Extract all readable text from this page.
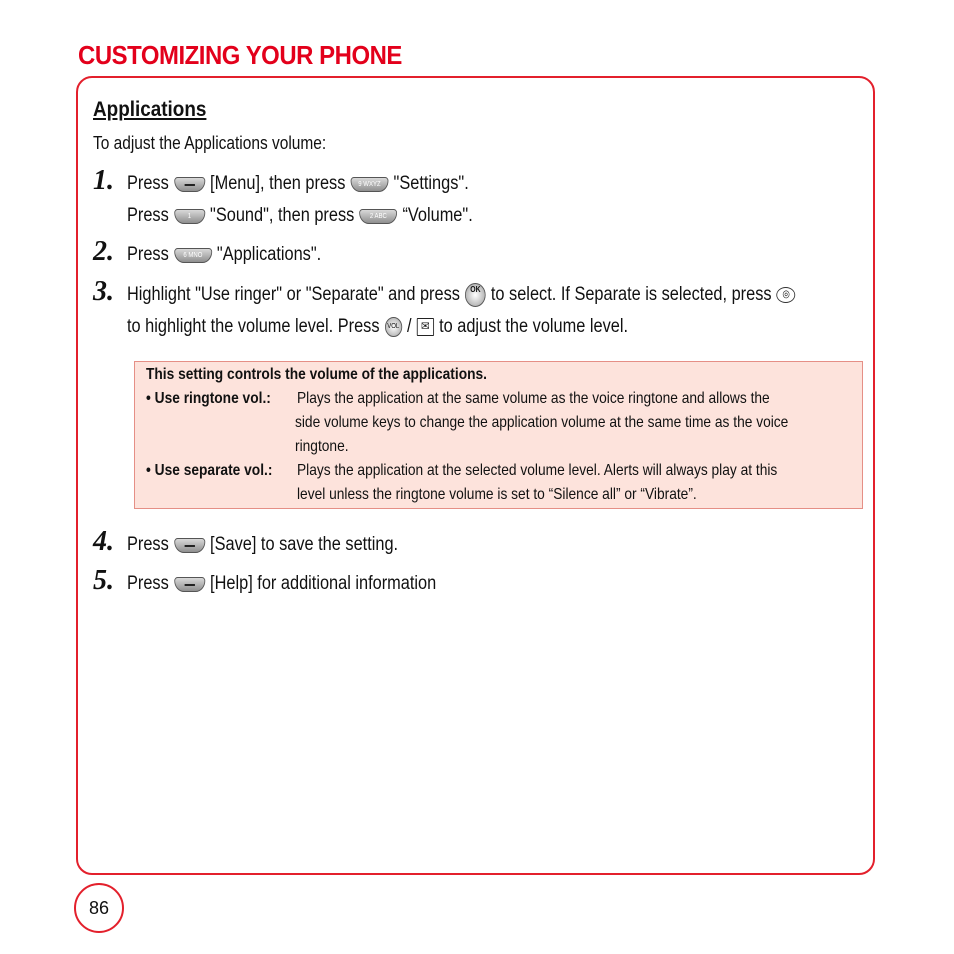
CUSTOMIZING YOUR PHONE
Applications
To adjust the Applications volume:
1. Press [Menu], then press	9 WXYZ "Settings".
Press	1 "Sound", then press	2 ABC “Volume".
2. Press	6 MNO "Applications".
3. Highlight "Use ringer" or "Separate" and press	OK to select. If Separate is selected, press	◎
to highlight the volume level. Press	VOL / ✉ to adjust the volume level.
This setting controls the volume of the applications.
• Use ringtone vol.: Plays the application at the same volume as the voice ringtone and allows the
side volume keys to change the application volume at the same time as the voice
ringtone.
• Use separate vol.: Plays the application at the selected volume level. Alerts will always play at this
level unless the ringtone volume is set to “Silence all” or “Vibrate”.
4. Press [Save] to save the setting.
5. Press [Help] for additional information
86
